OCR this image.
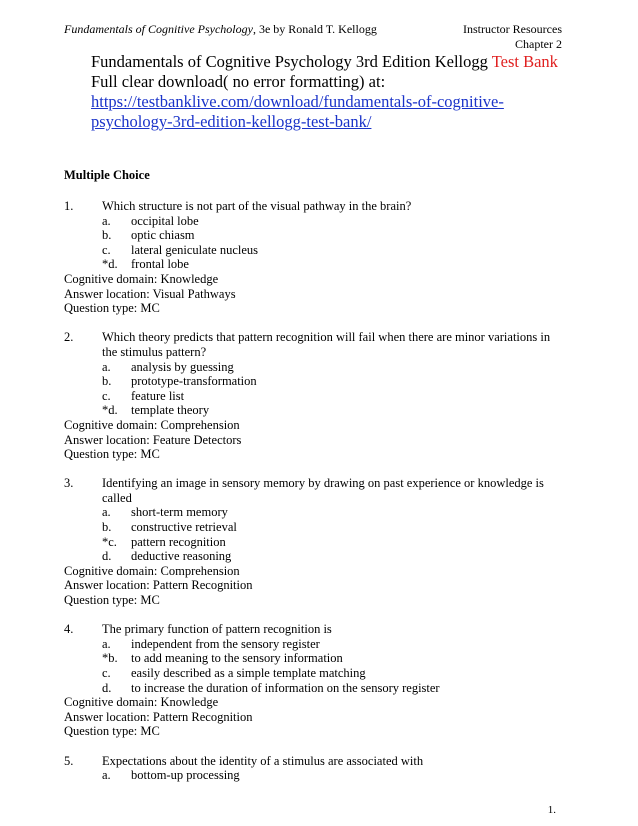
Fundamentals of Cognitive Psychology, 3e by Ronald T. Kellogg	Instructor Resources
Chapter 2
Fundamentals of Cognitive Psychology 3rd Edition Kellogg Test Bank
Full clear download( no error formatting) at:
https://testbanklive.com/download/fundamentals-of-cognitive-psychology-3rd-edition-kellogg-test-bank/
Multiple Choice
1. Which structure is not part of the visual pathway in the brain?
a. occipital lobe
b. optic chiasm
c. lateral geniculate nucleus
*d. frontal lobe
Cognitive domain: Knowledge
Answer location: Visual Pathways
Question type: MC
2. Which theory predicts that pattern recognition will fail when there are minor variations in the stimulus pattern?
a. analysis by guessing
b. prototype-transformation
c. feature list
*d. template theory
Cognitive domain: Comprehension
Answer location: Feature Detectors
Question type: MC
3. Identifying an image in sensory memory by drawing on past experience or knowledge is called
a. short-term memory
b. constructive retrieval
*c. pattern recognition
d. deductive reasoning
Cognitive domain: Comprehension
Answer location: Pattern Recognition
Question type: MC
4. The primary function of pattern recognition is
a. independent from the sensory register
*b. to add meaning to the sensory information
c. easily described as a simple template matching
d. to increase the duration of information on the sensory register
Cognitive domain: Knowledge
Answer location: Pattern Recognition
Question type: MC
5. Expectations about the identity of a stimulus are associated with
a. bottom-up processing
1.
